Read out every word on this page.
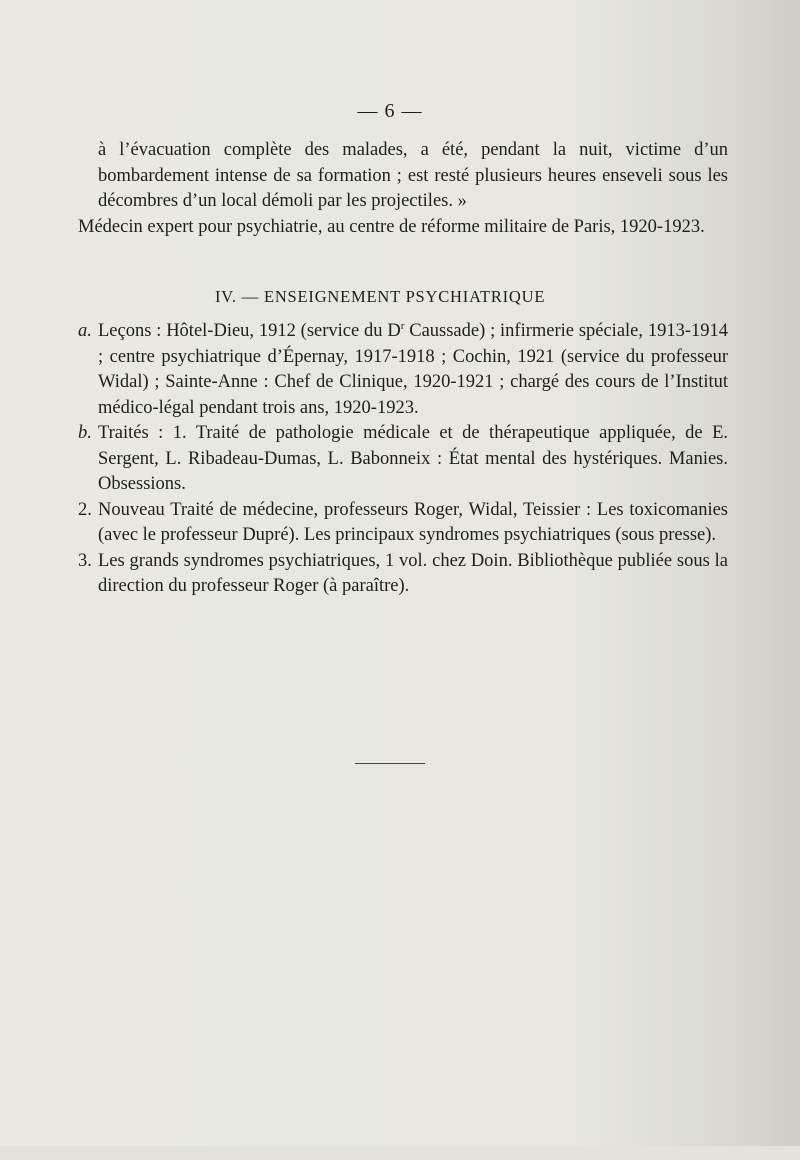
— 6 —

à l’évacuation complète des malades, a été, pendant la nuit, victime d’un bombardement intense de sa formation ; est resté plusieurs heures enseveli sous les décombres d’un local démoli par les projectiles. »

Médecin expert pour psychiatrie, au centre de réforme militaire de Paris, 1920-1923.

IV. — ENSEIGNEMENT PSYCHIATRIQUE

a. Leçons : Hôtel-Dieu, 1912 (service du $D^r$ Caussade) ; infirmerie spéciale, 1913-1914 ; centre psychiatrique d’Épernay, 1917-1918 ; Cochin, 1921 (service du professeur Widal) ; Sainte-Anne : Chef de Clinique, 1920-1921 ; chargé des cours de l’Institut médico-légal pendant trois ans, 1920-1923.

b. Traités : 1. Traité de pathologie médicale et de thérapeutique appliquée, de E. Sergent, L. Ribadeau-Dumas, L. Babonneix : État mental des hystériques. Manies. Obsessions.

2. Nouveau Traité de médecine, professeurs Roger, Widal, Teissier : Les toxicomanies (avec le professeur Dupré). Les principaux syndromes psychiatriques (sous presse).

3. Les grands syndromes psychiatriques, 1 vol. chez Doin. Bibliothèque publiée sous la direction du professeur Roger (à paraître).
